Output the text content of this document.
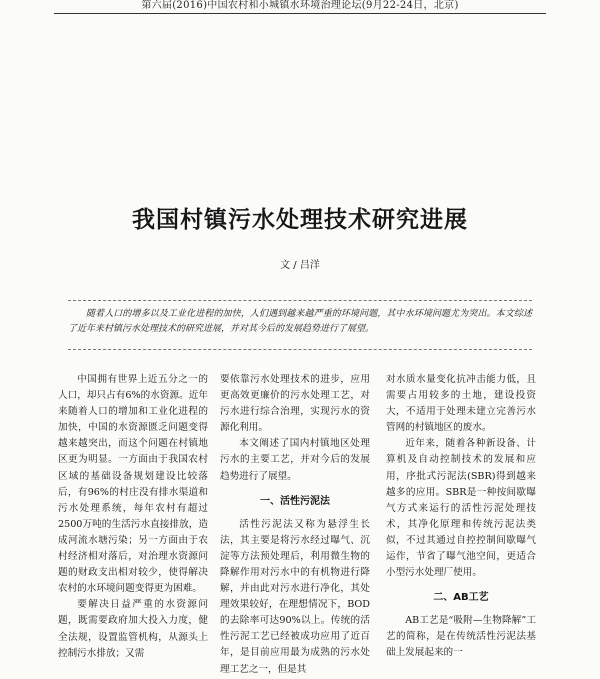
第六届(2016)中国农村和小城镇水环境治理论坛(9月22-24日，北京)
我国村镇污水处理技术研究进展
文 / 吕洋

随着人口的增多以及工业化进程的加快，人们遇到越来越严重的环境问题，其中水环境问题尤为突出。本文综述了近年来村镇污水处理技术的研究进展，并对其今后的发展趋势进行了展望。

中国拥有世界上近五分之一的人口，却只占有6%的水资源。近年来随着人口的增加和工业化进程的加快，中国的水资源匮乏问题变得越来越突出，而这个问题在村镇地区更为明显。一方面由于我国农村区域的基础设备规划建设比较落后，有96%的村庄没有排水渠道和污水处理系统，每年农村有超过2500万吨的生活污水直接排放，造成河流水塘污染；另一方面由于农村经济相对落后，对治理水资源问题的财政支出相对较少，使得解决农村的水环境问题变得更为困难。

要解决日益严重的水资源问题，既需要政府加大投入力度，健全法规，设置监管机构，从源头上控制污水排放；又需

要依靠污水处理技术的进步，应用更高效更廉价的污水处理工艺，对污水进行综合治理，实现污水的资源化利用。

本文阐述了国内村镇地区处理污水的主要工艺，并对今后的发展趋势进行了展望。

一、活性污泥法

活性污泥法又称为悬浮生长法，其主要是将污水经过曝气、沉淀等方法预处理后，利用微生物的降解作用对污水中的有机物进行降解，并由此对污水进行净化，其处理效果较好，在理想情况下，BOD的去除率可达90%以上。传统的活性污泥工艺已经被成功应用了近百年，是目前应用最为成熟的污水处理工艺之一，但是其

对水质水量变化抗冲击能力低，且需要占用较多的土地，建设投资大，不适用于处理未建立完善污水管网的村镇地区的废水。

近年来，随着各种新设备、计算机及自动控制技术的发展和应用，序批式污泥法(SBR)得到越来越多的应用。SBR是一种按间歇曝气方式来运行的活性污泥处理技术，其净化原理和传统污泥法类似，不过其通过自控控制间歇曝气运作，节省了曝气池空间，更适合小型污水处理厂使用。

二、AB工艺

AB工艺是“吸附—生物降解”工艺的简称，是在传统活性污泥法基础上发展起来的一
